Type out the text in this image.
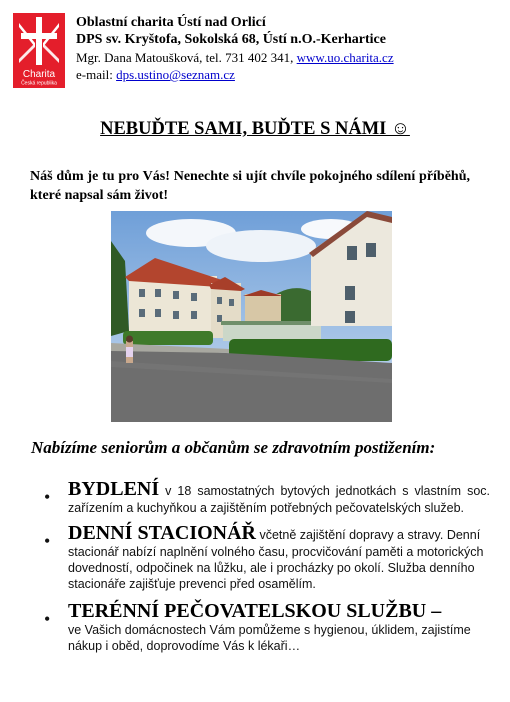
Charita
Česká republika
Oblastní charita Ústí nad Orlicí
DPS sv. Kryštofa, Sokolská 68, Ústí n.O.-Kerhartice
Mgr. Dana Matoušková, tel. 731 402 341, www.uo.charita.cz
e-mail: dps.ustino@seznam.cz
NEBUĎTE SAMI, BUĎTE S NÁMI ☺
Náš dům je tu pro Vás! Nenechte si ujít chvíle pokojného sdílení příběhů, které napsal sám život!
Nabízíme seniorům a občanům se zdravotním postižením:
• BYDLENÍ v 18 samostatných bytových jednotkách s vlastním soc. zařízením a kuchyňkou a zajištěním potřebných pečovatelských služeb.
• DENNÍ STACIONÁŘ včetně zajištění dopravy a stravy. Denní stacionář nabízí naplnění volného času, procvičování paměti a motorických dovedností, odpočinek na lůžku, ale i procházky po okolí. Služba denního stacionáře zajišťuje prevenci před osamělím.
• TERÉNNÍ PEČOVATELSKOU SLUŽBU –
ve Vašich domácnostech Vám pomůžeme s hygienou, úklidem, zajistíme nákup i oběd, doprovodíme Vás k lékaři…
